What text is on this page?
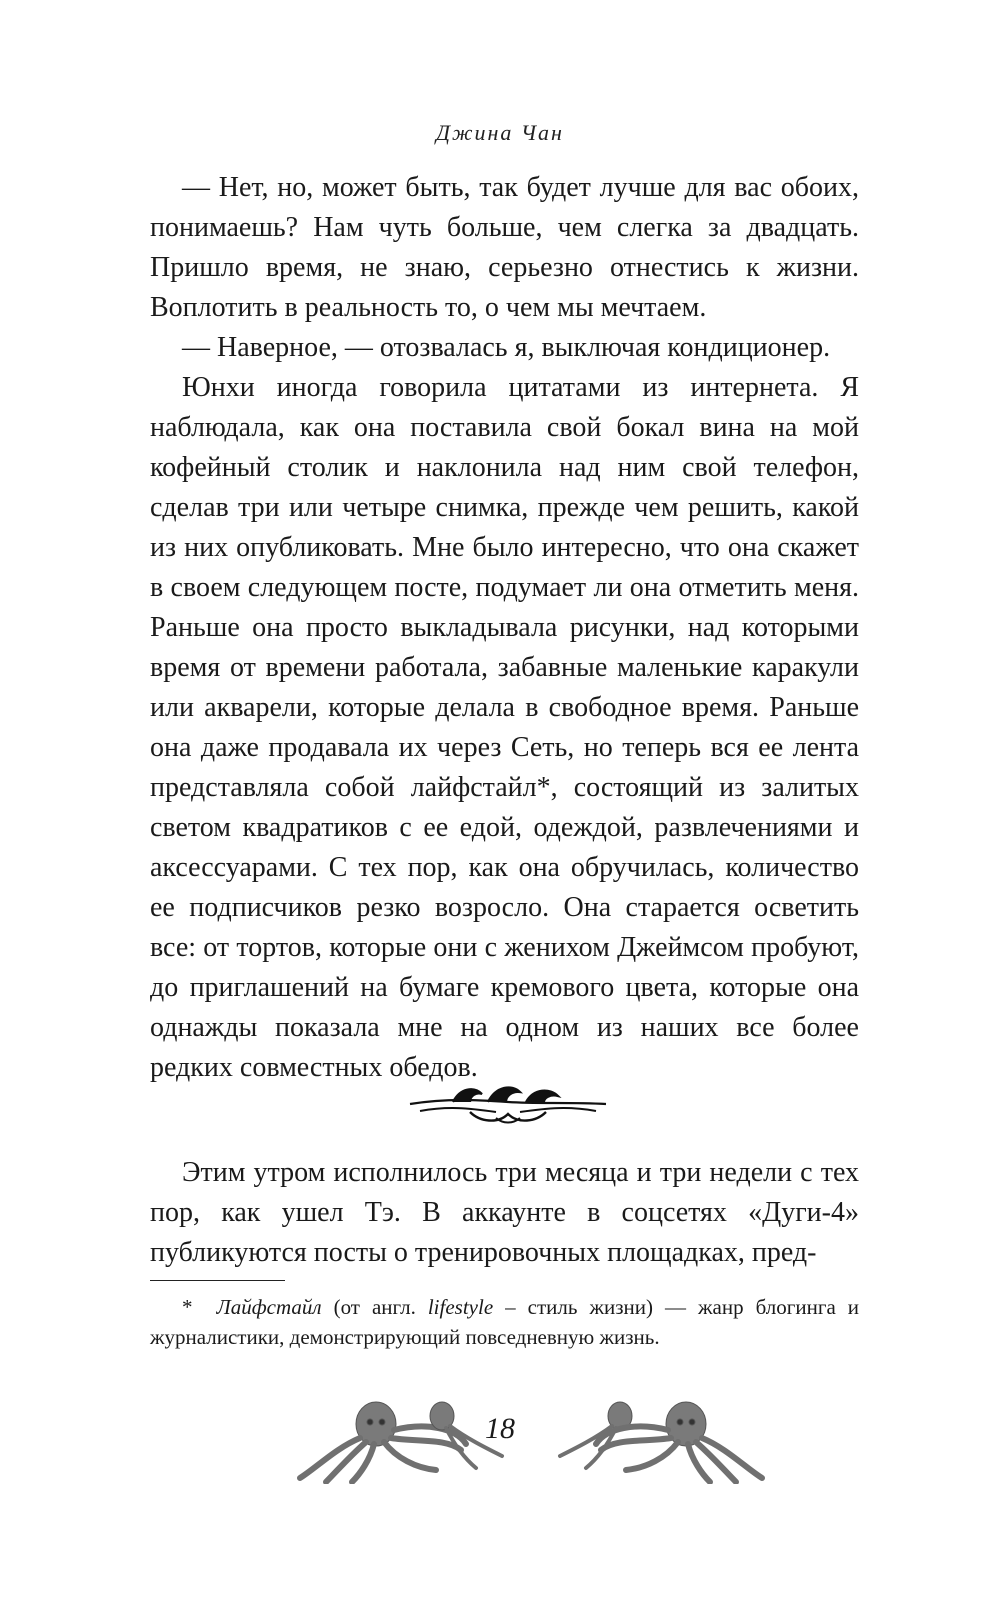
Джина Чан

— Нет, но, может быть, так будет лучше для вас обоих, понимаешь? Нам чуть больше, чем слегка за двадцать. Пришло время, не знаю, серьезно отнестись к жизни. Воплотить в реальность то, о чем мы мечтаем.

— Наверное, — отозвалась я, выключая кондиционер.

Юнхи иногда говорила цитатами из интернета. Я наблюдала, как она поставила свой бокал вина на мой кофейный столик и наклонила над ним свой телефон, сделав три или четыре снимка, прежде чем решить, какой из них опубликовать. Мне было интересно, что она скажет в своем следующем посте, подумает ли она отметить меня. Раньше она просто выкладывала рисунки, над которыми время от времени работала, забавные маленькие каракули или акварели, которые делала в свободное время. Раньше она даже продавала их через Сеть, но теперь вся ее лента представляла собой лайфстайл*, состоящий из залитых светом квадратиков с ее едой, одеждой, развлечениями и аксессуарами. С тех пор, как она обручилась, количество ее подписчиков резко возросло. Она старается осветить все: от тортов, которые они с женихом Джеймсом пробуют, до приглашений на бумаге кремового цвета, которые она однажды показала мне на одном из наших все более редких совместных обедов.

Этим утром исполнилось три месяца и три недели с тех пор, как ушел Тэ. В аккаунте в соцсетях «Дуги-4» публикуются посты о тренировочных площадках, пред-

* Лайфстайл (от англ. lifestyle – стиль жизни) — жанр блогинга и журналистики, демонстрирующий повседневную жизнь.
18
